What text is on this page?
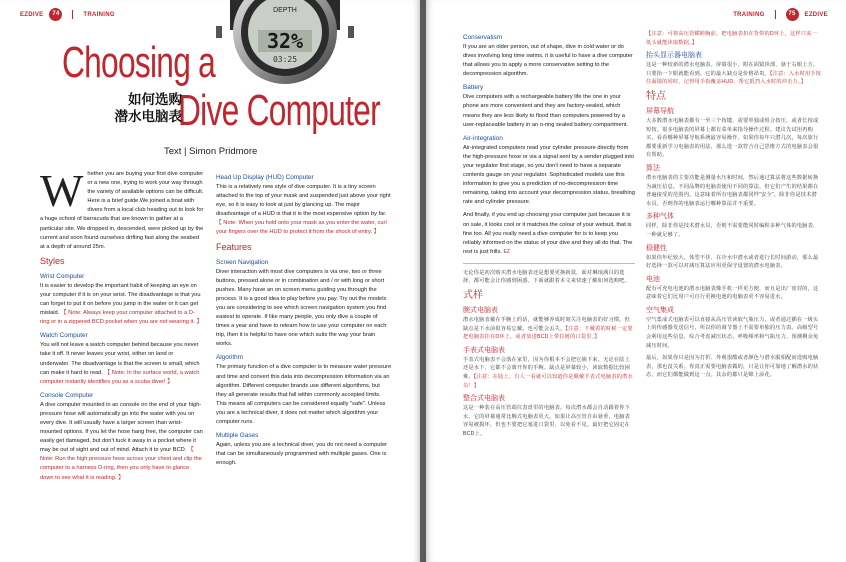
EZDIVE 74	TRAINING
DEPTH
32%
03:25
Choosing a
Dive Computer
如何选购
潜水电脑表
Text | Simon Pridmore

Whether you are buying your first dive computer or a new one, trying to work your way through the variety of available options can be difficult. Here is a brief guide.We joined a boat with divers from a local club heading out to look for a huge school of barracuda that are known to gather at a particular site. We dropped in, descended, were picked up by the current and soon found ourselves drifting fast along the seabed at a depth of around 25m.

Styles
Wrist Computer

It is easier to develop the important habit of keeping an eye on your computer if it is on your wrist. The disadvantage is that you can forget to put it on before you jump in the water or it can get mislaid. 【 Note: Always keep your computer attached to a D-ring or in a zippered BCD pocket when you are not wearing it. 】

Watch Computer

You will not leave a watch computer behind because you never take it off. It never leaves your wrist, either on land or underwater. The disadvantage is that the screen is small, which can make it hard to read. 【 Note: In the surface world, a watch computer instantly identifies you as a scuba diver! 】

Console Computer

A dive computer mounted in an console on the end of your high-pressure hose will automatically go into the water with you on every dive. It will usually have a larger screen than wrist-mounted options. If you let the hose hang free, the computer can easily get damaged, but don't tuck it away in a pocket where it may be out of sight and out of mind. Attach it to your BCD. 【 Note: Run the high pressure hose across your chest and clip the computer to a harness D-ring, then you only have to glance down to see what it is reading. 】

Head Up Display (HUD) Computer

This is a relatively new style of dive computer. It is a tiny screen attached to the top of your mask and suspended just above your right eye, so it is easy to look at just by glancing up. The major disadvantage of a HUD is that it is the most expensive option by far. 【 Note: When you hold onto your mask as you enter the water, curl your fingers over the HUD to protect it from the shock of entry. 】

Features
Screen Navigation

Diver interaction with most dive computers is via one, two or three buttons, pressed alone or in combination and / or with long or short pushes. Many have an on screen menu guiding you through the process. It is a good idea to play before you pay. Try out the models you are considering to see which screen navigation system you find easiest to operate. If like many people, you only dive a couple of times a year and have to relearn how to use your computer on each trip, then it is helpful to have one which suits the way your brain works.

Algorithm

The primary function of a dive computer is to measure water pressure and time and convert this data into decompression information via an algorithm. Different computer brands use different algorithms, but they all generate results that fall within commonly accepted limits. This means all computers can be considered equally "safe". Unless you are a technical diver, it does not matter which algorithm your computer runs.

Multiple Gases

Again, unless you are a technical diver, you do not need a computer that can be simultaneously programmed with multiple gases. One is enough.

TRAINING	75 EZDIVE
Conservatism

If you are an older person, out of shape, dive in cold water or do dives involving long time swims, it is useful to have a dive computer that allows you to apply a more conservative setting to the decompression algorithm.

Battery

Dive computers with a rechargeable battery life the one in your phone are more convenient and they are factory-sealed, which means they are less likely to flood than computers powered by a user-replaceable battery in an o-ring sealed battery compartment.

Air-integration

Air-integrated computers read your cylinder pressure directly from the high-pressure hose or via a signal sent by a sender plugged into your regulator first stage, so you don't need to have a separate contents gauge on your regulator. Sophisticated models use this information to give you a prediction of no-decompression time remaining, taking into account your decompression status, breathing rate and cylinder pressure.

And finally, if you end up choosing your computer just because it is on sale, it looks cool or it matches the colour of your wetsuit, that is fine too. All you really need a dive computer for is to keep you reliably informed on the status of your dive and they all do that. The rest is just frills. EZ

无论你是初次购买潜水电脑表还是想要更换新款，面对琳琅满目的选择，都可能会让你感到困惑。下面就跟着本文来快速了解如何选购吧。

式样
腕式电脑表

潜水电脑表戴在手腕上的话，就能够养成时刻关注电脑表的好习惯。但缺点是下水前很容易忘戴，也可能会丢失。【注意：不戴着的时候一定要把电脑表挂在D环上，或者放进BCD上带拉链的口袋里。】

手表式电脑表

手表式电脑表不会落在家里，因为你根本不会把它摘下来。无论在陆上还是水下，它都不会离开你的手腕。缺点是屏幕较小，读取数据比较困难。【注意：在陆上，有人一看就可以知道你是佩戴手表式电脑表的潜水员！】

整合式电脑表

这是一种装在高压管端仪表盘里的电脑表，每次潜水都会自动跟着你下水。它的屏幕通常比腕式电脑表更大。如果让高压管自由悬垂，电脑表容易被损坏，但也不要把它塞进口袋里，以免看不见。最好把它固定在BCD上。

【注意：可将高压管横跨胸前，把电脑表扣在背带的D环上，这样只需一低头就能读取数据。】

抬头显示器电脑表

这是一种较新的潜水电脑表。屏幕很小，附在面镜顶部，悬于右眼上方，只要抬一下眼就能看到。它的最大缺点是价格昂贵。【注意：入水时用手按住面镜的同时，记得用手指覆盖HUD，帮它抵挡入水时的冲击力。】

特点
屏幕导航

大多数潜水电脑表都有一至三个按键，需要单独或组合按压，或者长按或短按。很多电脑表的屏幕上都有菜单来指导操作过程。建议先试用再购买，看看哪种屏幕导航系统最容易操作。如果你每年只潜几次，每次旅行都要重新学习电脑表的用法，那么选一款符合自己思维方式的电脑表会很有帮助。

算法

潜水电脑表的主要功能是测量水压和时间，然后通过算法将这些数据转换为减压信息。不同品牌的电脑表使用不同的算法，但它们产生的结果都在普遍接受的范围内。这意味着所有电脑表都同样“安全”。除非你是技术潜水员，否则你的电脑表运行哪种算法并不重要。

多种气体

同样，除非你是技术潜水员，否则不需要能同时编程多种气体的电脑表，一种就足够了。

稳健性

如果你年纪较大、体型不佳、在冷水中潜水或者进行长时间游动，那么最好选择一款可以对减压算法应用更保守设置的潜水电脑表。

电池

配有可充电电池的潜水电脑表像手机一样更方便，而且是出厂密封的，这意味着它们比用户可自行更换电池的电脑表更不容易进水。

空气集成

空气集成式电脑表可以直接从高压管读取气瓶压力，或者通过插在一级头上的传感器发送信号，所以你的调节器上不需要单独的压力表。高级型号会利用这些信息，综合考虑减压状态、呼吸频率和气瓶压力，预测剩余免减压时间。

最后，如果你只是因为打折、外观很酷或者颜色与潜水服相配而选购电脑表，那也没关系。你真正需要电脑表做的，只是让你可靠地了解潜水的状态，而它们都能做到这一点。其余的都只是锦上添花。
